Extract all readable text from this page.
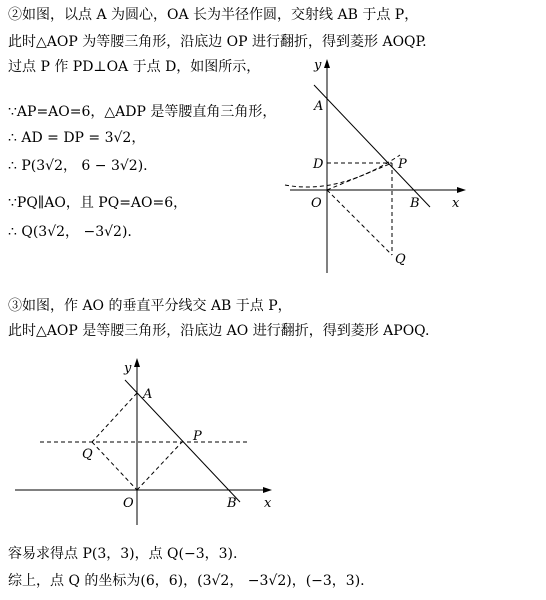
②如图，以点 A 为圆心，OA 长为半径作圆，交射线 AB 于点 P，
此时△AOP 为等腰三角形，沿底边 OP 进行翻折，得到菱形 AOQP.
过点 P 作 PD⊥OA 于点 D，如图所示，
∵AP=AO=6，△ADP 是等腰直角三角形，
∴ AD = DP = 3√2，
∴ P(3√2， 6 − 3√2).
∵PQ∥AO，且 PQ=AO=6，
∴ Q(3√2， −3√2).
y
A
D	P
O	B x
Q
③如图，作 AO 的垂直平分线交 AB 于点 P，
此时△AOP 是等腰三角形，沿底边 AO 进行翻折，得到菱形 APOQ.
y
A
P
Q
O	B x
容易求得点 P(3，3)，点 Q(−3，3).
综上，点 Q 的坐标为(6，6)，(3√2， −3√2)，(−3，3).
